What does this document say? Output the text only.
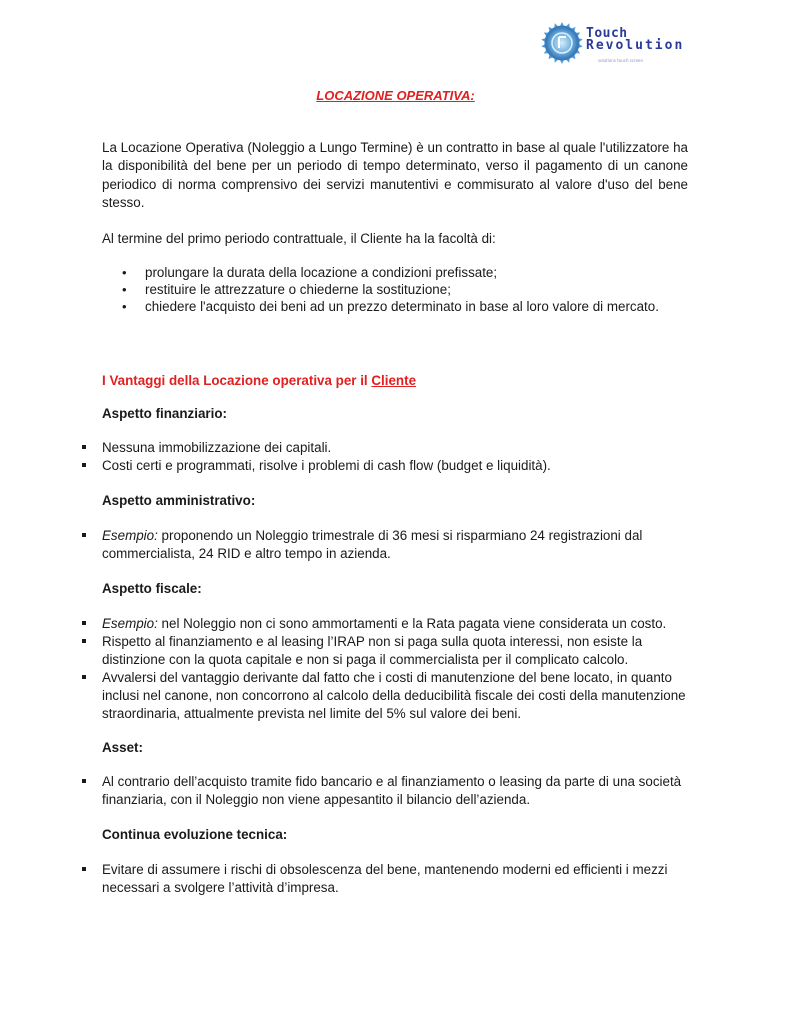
Touch
Revolution
solutions touch screen
LOCAZIONE OPERATIVA:

La Locazione Operativa (Noleggio a Lungo Termine) è un contratto in base al quale l'utilizzatore ha la disponibilità del bene per un periodo di tempo determinato, verso il pagamento di un canone periodico di norma comprensivo dei servizi manutentivi e commisurato al valore d'uso del bene stesso.

Al termine del primo periodo contrattuale, il Cliente ha la facoltà di:

• prolungare la durata della locazione a condizioni prefissate;
• restituire le attrezzature o chiederne la sostituzione;
• chiedere l'acquisto dei beni ad un prezzo determinato in base al loro valore di mercato.
I Vantaggi della Locazione operativa per il Cliente
Aspetto finanziario:
Nessuna immobilizzazione dei capitali.
Costi certi e programmati, risolve i problemi di cash flow (budget e liquidità).
Aspetto amministrativo:
Esempio: proponendo un Noleggio trimestrale di 36 mesi si risparmiano 24 registrazioni dal commercialista, 24 RID e altro tempo in azienda.
Aspetto fiscale:
Esempio: nel Noleggio non ci sono ammortamenti e la Rata pagata viene considerata un costo.
Rispetto al finanziamento e al leasing l’IRAP non si paga sulla quota interessi, non esiste la distinzione con la quota capitale e non si paga il commercialista per il complicato calcolo.
Avvalersi del vantaggio derivante dal fatto che i costi di manutenzione del bene locato, in quanto inclusi nel canone, non concorrono al calcolo della deducibilità fiscale dei costi della manutenzione straordinaria, attualmente prevista nel limite del 5% sul valore dei beni.
Asset:
Al contrario dell’acquisto tramite fido bancario e al finanziamento o leasing da parte di una società finanziaria, con il Noleggio non viene appesantito il bilancio dell’azienda.
Continua evoluzione tecnica:
Evitare di assumere i rischi di obsolescenza del bene, mantenendo moderni ed efficienti i mezzi necessari a svolgere l’attività d’impresa.
